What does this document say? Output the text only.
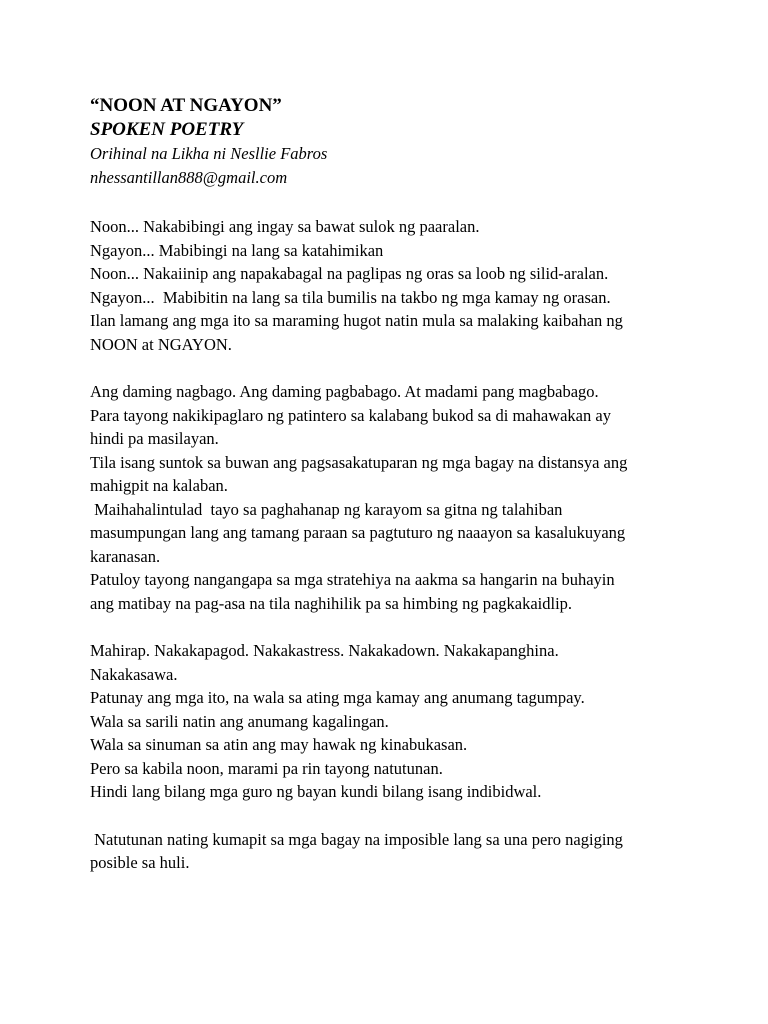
“NOON AT NGAYON”
SPOKEN POETRY
Orihinal na Likha ni Nesllie Fabros
nhessantillan888@gmail.com
Noon... Nakabibingi ang ingay sa bawat sulok ng paaralan.
Ngayon... Mabibingi na lang sa katahimikan
Noon... Nakaiinip ang napakabagal na paglipas ng oras sa loob ng silid-aralan.
Ngayon...  Mabibitin na lang sa tila bumilis na takbo ng mga kamay ng orasan.
Ilan lamang ang mga ito sa maraming hugot natin mula sa malaking kaibahan ng
NOON at NGAYON.
Ang daming nagbago. Ang daming pagbabago. At madami pang magbabago.
Para tayong nakikipaglaro ng patintero sa kalabang bukod sa di mahawakan ay
hindi pa masilayan.
Tila isang suntok sa buwan ang pagsasakatuparan ng mga bagay na distansya ang
mahigpit na kalaban.
Maihahalintulad  tayo sa paghahanap ng karayom sa gitna ng talahiban
masumpungan lang ang tamang paraan sa pagtuturo ng naaayon sa kasalukuyang
karanasan.
Patuloy tayong nangangapa sa mga stratehiya na aakma sa hangarin na buhayin
ang matibay na pag-asa na tila naghihilik pa sa himbing ng pagkakaidlip.
Mahirap. Nakakapagod. Nakakastress. Nakakadown. Nakakapanghina.
Nakakasawa.
Patunay ang mga ito, na wala sa ating mga kamay ang anumang tagumpay.
Wala sa sarili natin ang anumang kagalingan.
Wala sa sinuman sa atin ang may hawak ng kinabukasan.
Pero sa kabila noon, marami pa rin tayong natutunan.
Hindi lang bilang mga guro ng bayan kundi bilang isang indibidwal.
Natutunan nating kumapit sa mga bagay na imposible lang sa una pero nagiging
posible sa huli.
